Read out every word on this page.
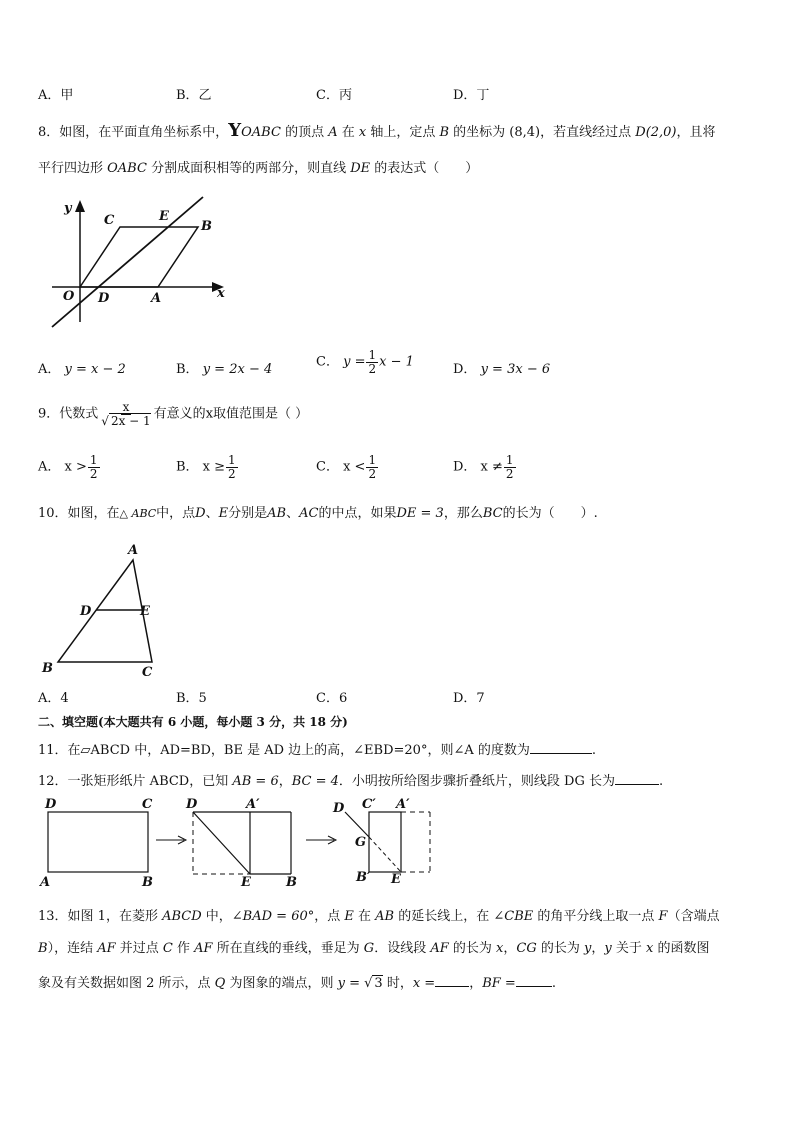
A．甲	B．乙	C．丙	D．丁
8．如图，在平面直角坐标系中，YOABC 的顶点 A 在 x 轴上，定点 B 的坐标为 (8,4)，若直线经过点 D(2,0)，且将
平行四边形 OABC 分割成面积相等的两部分，则直线 DE 的表达式（　　）
y
x
C	E
B
O D	A
A． y = x − 2	B． y = 2x − 4	C． $y = \frac{1}{2}$ x − 1	D． y = 3x − 6
9．代数式 $\frac{x}{√ 2x - 1}$ 有意义的x取值范围是（ ）
A． $x > \frac{1}{2}$	B． $x \ge \frac{1}{2}$	C． $x < \frac{1}{2}$	D． $x \ne \frac{1}{2}$
10．如图，在△ ABC中，点D、E分别是AB、AC的中点，如果DE = 3，那么BC的长为（　　）.
A
D	E
B	C
A．4	B．5	C．6	D．7
二、填空题(本大题共有 6 小题，每小题 3 分，共 18 分)
11．在▱ABCD 中，AD=BD，BE 是 AD 边上的高，∠EBD=20°，则∠A 的度数为	.
12．一张矩形纸片 ABCD，已知 AB = 6，BC = 4．小明按所给图步骤折叠纸片，则线段 DG 长为	.
D	C
A	B
D	A′
E	B
D C′ A′
G
B′ E
13．如图 1，在菱形 ABCD 中，∠BAD = 60°，点 E 在 AB 的延长线上，在 ∠CBE 的角平分线上取一点 F（含端点
B），连结 AF 并过点 C 作 AF 所在直线的垂线，垂足为 G．设线段 AF 的长为 x，CG 的长为 y，y 关于 x 的函数图
象及有关数据如图 2 所示，点 Q 为图象的端点，则 y = √ 3 时，x =	，BF =	.
